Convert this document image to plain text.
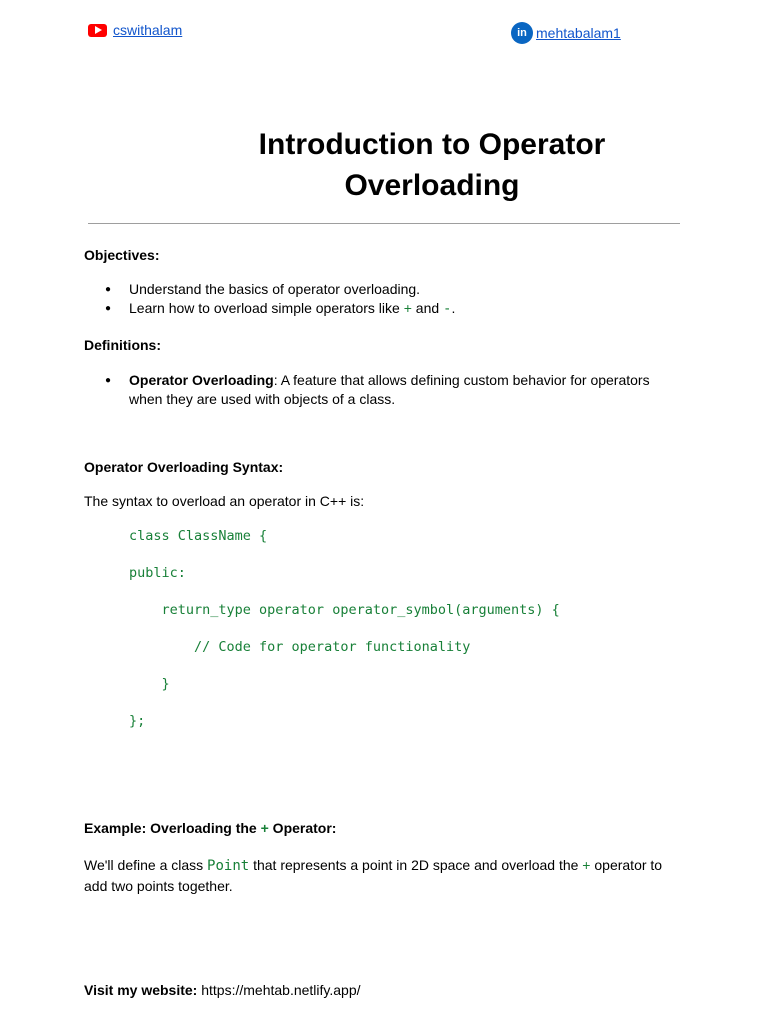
cswithalam	in mehtabalam1
Introduction to Operator Overloading

Objectives:

● Understand the basics of operator overloading.
● Learn how to overload simple operators like + and -.

Definitions:

● Operator Overloading: A feature that allows defining custom behavior for operators when they are used with objects of a class.

Operator Overloading Syntax:

The syntax to overload an operator in C++ is:

class ClassName {

public:

return_type operator operator_symbol(arguments) {

// Code for operator functionality

}

};

Example: Overloading the + Operator:

We'll define a class Point that represents a point in 2D space and overload the + operator to add two points together.

Visit my website: https://mehtab.netlify.app/
